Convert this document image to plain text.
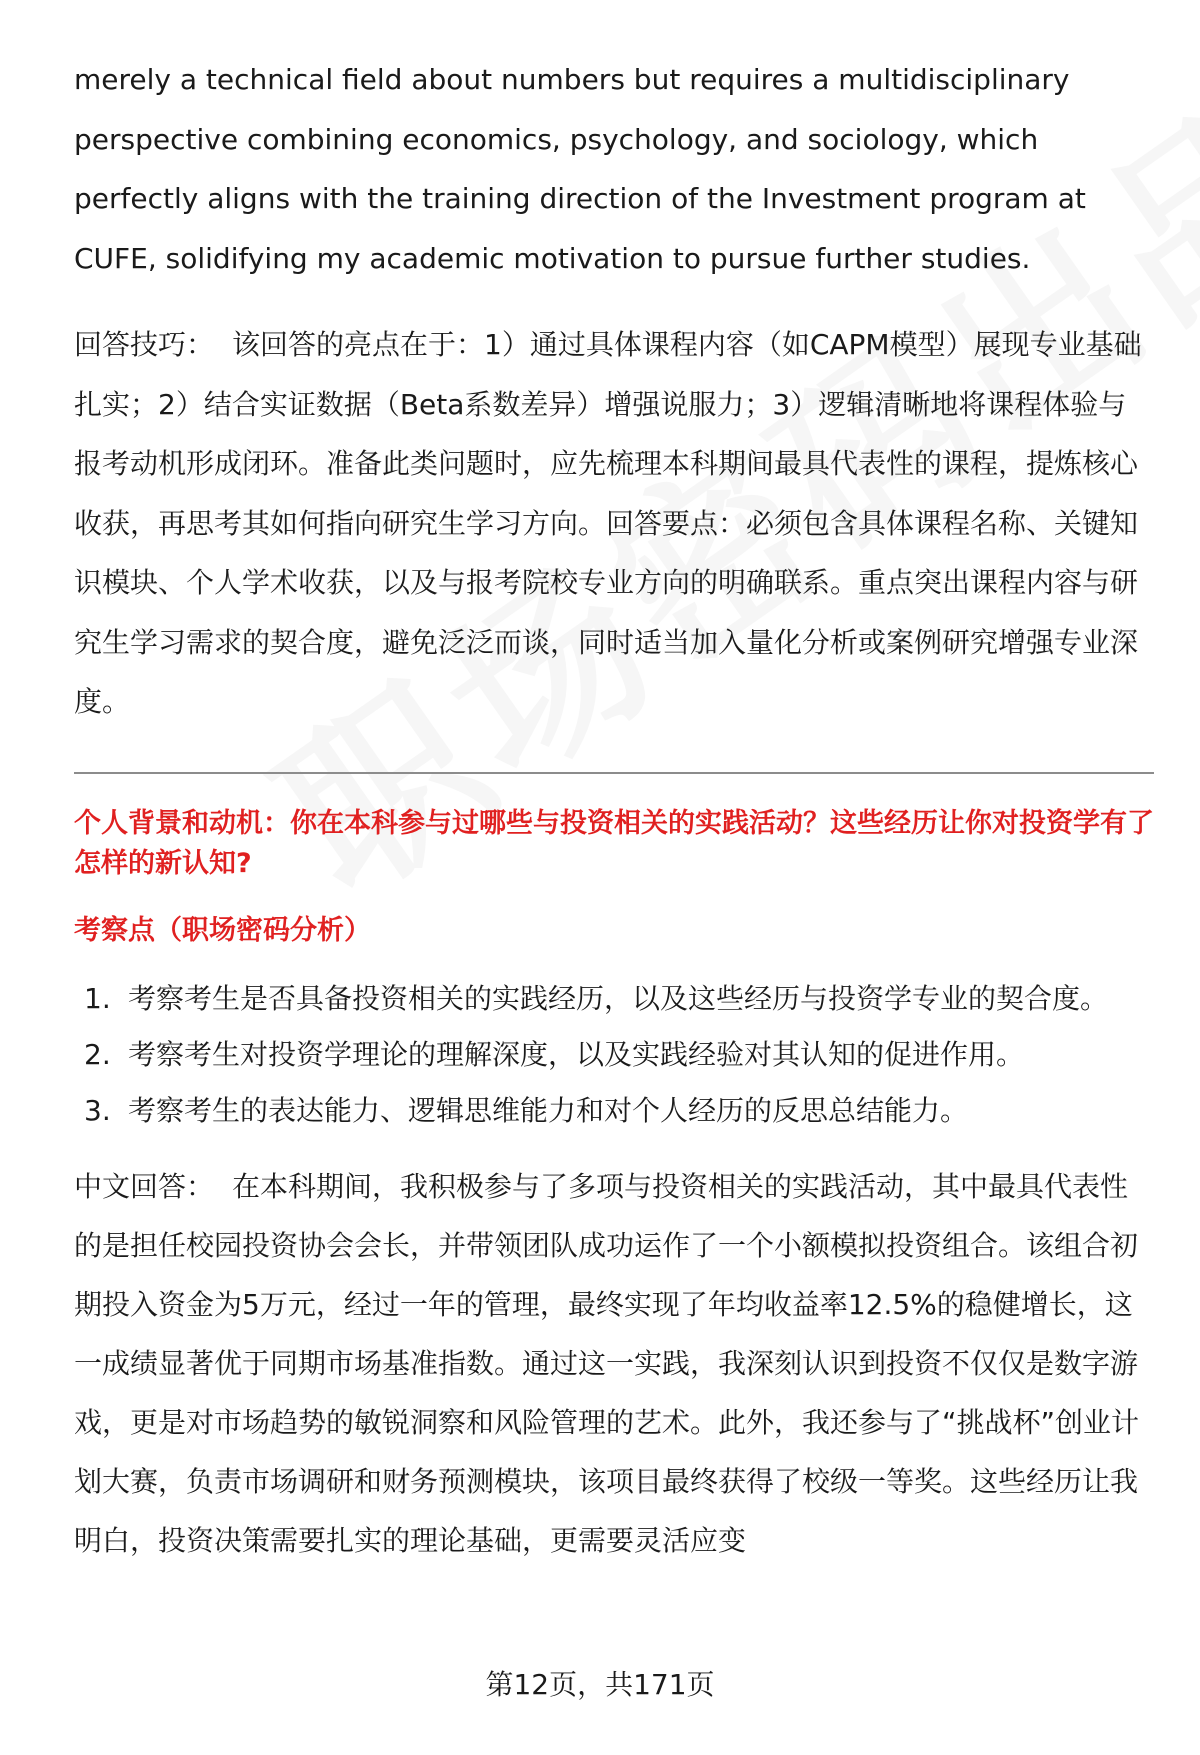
merely a technical field about numbers but requires a multidisciplinary perspective combining economics, psychology, and sociology, which perfectly aligns with the training direction of the Investment program at CUFE, solidifying my academic motivation to pursue further studies.

回答技巧： 该回答的亮点在于：1）通过具体课程内容（如CAPM模型）展现专业基础扎实；2）结合实证数据（Beta系数差异）增强说服力；3）逻辑清晰地将课程体验与报考动机形成闭环。准备此类问题时，应先梳理本科期间最具代表性的课程，提炼核心收获，再思考其如何指向研究生学习方向。回答要点：必须包含具体课程名称、关键知识模块、个人学术收获，以及与报考院校专业方向的明确联系。重点突出课程内容与研究生学习需求的契合度，避免泛泛而谈，同时适当加入量化分析或案例研究增强专业深度。

个人背景和动机：你在本科参与过哪些与投资相关的实践活动？这些经历让你对投资学有了怎样的新认知?
考察点（职场密码分析）
1. 考察考生是否具备投资相关的实践经历，以及这些经历与投资学专业的契合度。
2. 考察考生对投资学理论的理解深度，以及实践经验对其认知的促进作用。
3. 考察考生的表达能力、逻辑思维能力和对个人经历的反思总结能力。

中文回答： 在本科期间，我积极参与了多项与投资相关的实践活动，其中最具代表性的是担任校园投资协会会长，并带领团队成功运作了一个小额模拟投资组合。该组合初期投入资金为5万元，经过一年的管理，最终实现了年均收益率12.5%的稳健增长，这一成绩显著优于同期市场基准指数。通过这一实践，我深刻认识到投资不仅仅是数字游戏，更是对市场趋势的敏锐洞察和风险管理的艺术。此外，我还参与了“挑战杯”创业计划大赛，负责市场调研和财务预测模块，该项目最终获得了校级一等奖。这些经历让我明白，投资决策需要扎实的理论基础，更需要灵活应变

第12页，共171页
